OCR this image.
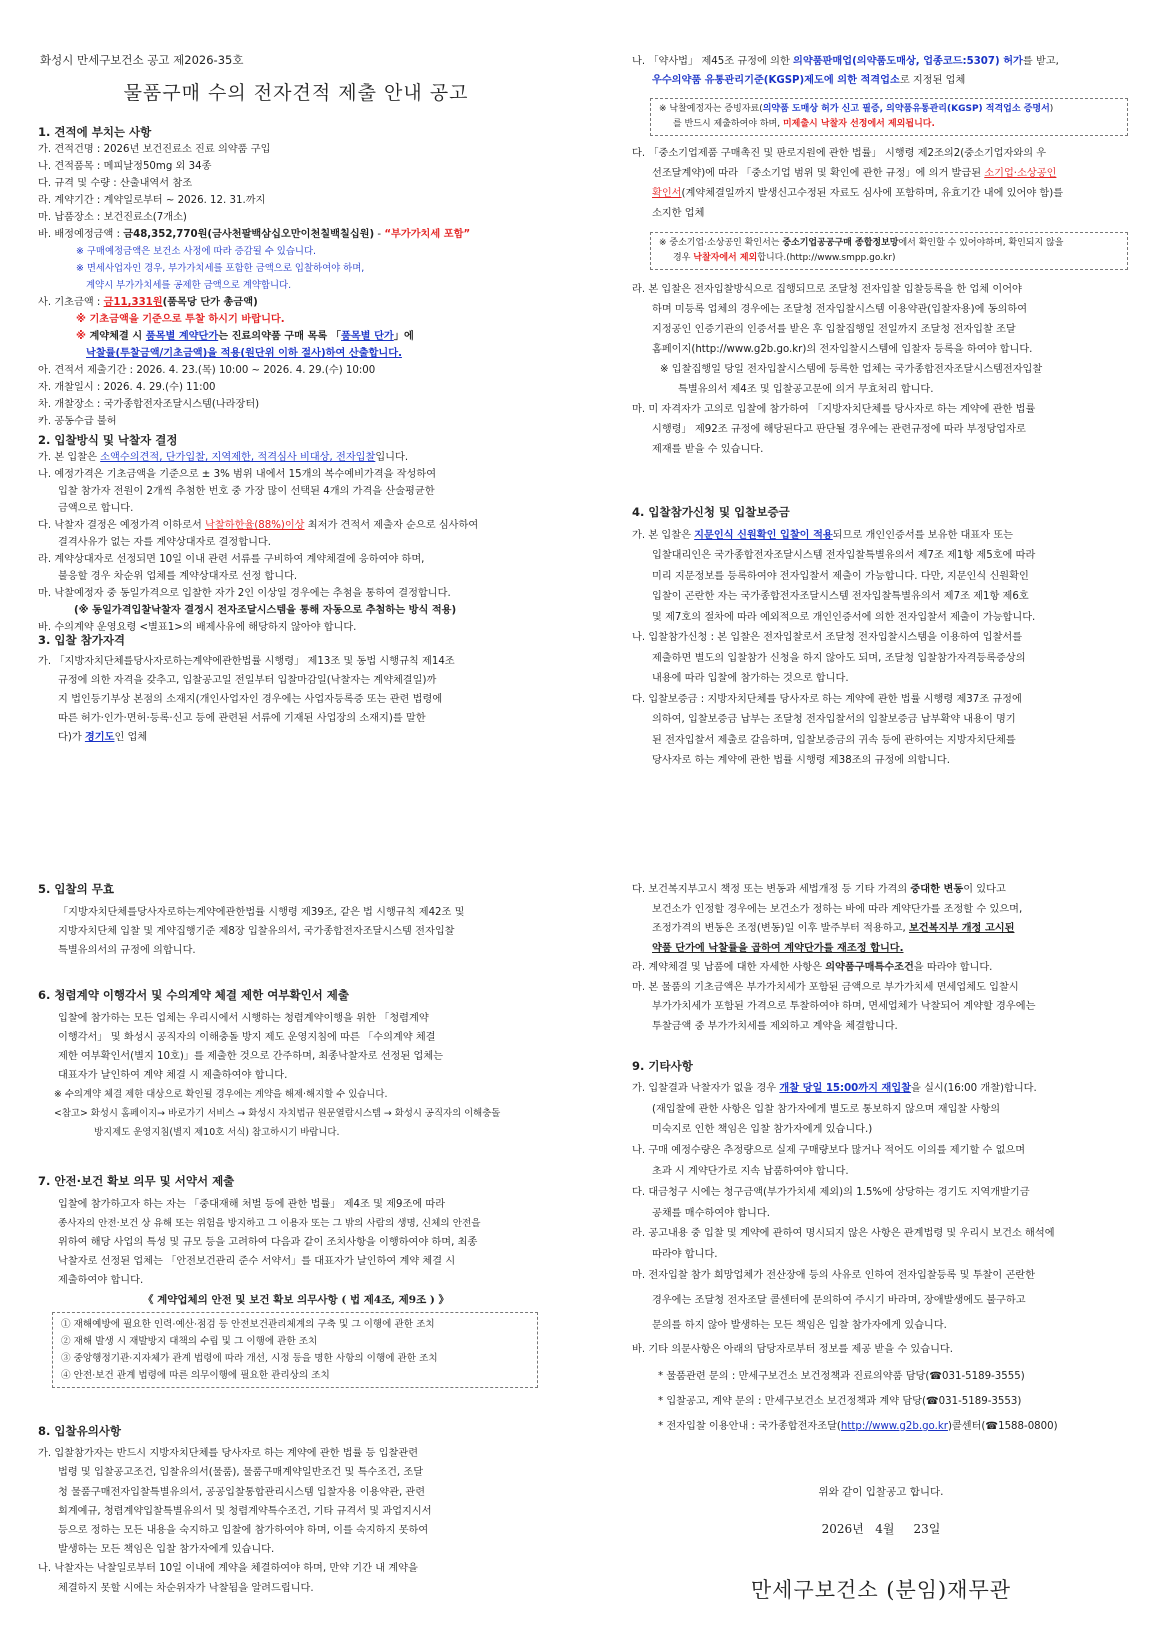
화성시 만세구보건소 공고 제2026-35호
물품구매 수의 전자견적 제출 안내 공고
1. 견적에 부치는 사항
가. 견적건명 : 2026년 보건진료소 진료 의약품 구입
나. 견적품목 : 메피날정50mg 외 34종
다. 규격 및 수량 : 산출내역서 참조
라. 계약기간 : 계약일로부터 ~ 2026. 12. 31.까지
마. 납품장소 : 보건진료소(7개소)
바. 배정예정금액 : 금48,352,770원(금사천팔백삼십오만이천칠백칠십원) - “부가가치세 포함”
※ 구매예정금액은 보건소 사정에 따라 증감될 수 있습니다.
※ 면세사업자인 경우, 부가가치세를 포함한 금액으로 입찰하여야 하며,
계약시 부가가치세를 공제한 금액으로 계약합니다.
사. 기초금액 : 금11,331원(품목당 단가 총금액)
※ 기초금액을 기준으로 투찰 하시기 바랍니다.
※ 계약체결 시 품목별 계약단가는 진료의약품 구매 목록 「품목별 단가」에
낙찰률(투찰금액/기초금액)을 적용(원단위 이하 절사)하여 산출합니다.
아. 견적서 제출기간 : 2026. 4. 23.(목) 10:00 ~ 2026. 4. 29.(수) 10:00
자. 개찰일시 : 2026. 4. 29.(수) 11:00
차. 개찰장소 : 국가종합전자조달시스템(나라장터)
카. 공동수급 불허
2. 입찰방식 및 낙찰자 결정
가. 본 입찰은 소액수의견적, 단가입찰, 지역제한, 적격심사 비대상, 전자입찰입니다.
나. 예정가격은 기초금액을 기준으로 ± 3% 범위 내에서 15개의 복수예비가격을 작성하여
입찰 참가자 전원이 2개씩 추첨한 번호 중 가장 많이 선택된 4개의 가격을 산술평균한
금액으로 합니다.
다. 낙찰자 결정은 예정가격 이하로서 낙찰하한율(88%)이상 최저가 견적서 제출자 순으로 심사하여
결격사유가 없는 자를 계약상대자로 결정합니다.
라. 계약상대자로 선정되면 10일 이내 관련 서류를 구비하여 계약체결에 응하여야 하며,
불응할 경우 차순위 업체를 계약상대자로 선정 합니다.
마. 낙찰예정자 중 동일가격으로 입찰한 자가 2인 이상일 경우에는 추첨을 통하여 결정합니다.
(※ 동일가격입찰낙찰자 결정시 전자조달시스템을 통해 자동으로 추첨하는 방식 적용)
바. 수의계약 운영요령 <별표1>의 배제사유에 해당하지 않아야 합니다.
3. 입찰 참가자격
가. 「지방자치단체를당사자로하는계약에관한법률 시행령」 제13조 및 동법 시행규칙 제14조
규정에 의한 자격을 갖추고, 입찰공고일 전일부터 입찰마감일(낙찰자는 계약체결일)까
지 법인등기부상 본점의 소재지(개인사업자인 경우에는 사업자등록증 또는 관련 법령에
따른 허가·인가·면허·등록·신고 등에 관련된 서류에 기재된 사업장의 소재지)를 말한
다)가 경기도인 업체
나. 「약사법」 제45조 규정에 의한 의약품판매업(의약품도매상, 업종코드:5307) 허가를 받고,
우수의약품 유통관리기준(KGSP)제도에 의한 적격업소로 지정된 업체
※ 낙찰예정자는 증빙자료(의약품 도매상 허가 신고 필증, 의약품유통관리(KGSP) 적격업소 증명서)
를 반드시 제출하여야 하며, 미제출시 낙찰자 선정에서 제외됩니다.
다. 「중소기업제품 구매촉진 및 판로지원에 관한 법률」 시행령 제2조의2(중소기업자와의 우
선조달계약)에 따라 「중소기업 범위 및 확인에 관한 규정」에 의거 발급된 소기업·소상공인
확인서(계약체결일까지 발생신고수정된 자료도 심사에 포함하며, 유효기간 내에 있어야 함)를
소지한 업체
※ 중소기업·소상공인 확인서는 중소기업공공구매 종합정보망에서 확인할 수 있어야하며, 확인되지 않을
경우 낙찰자에서 제외합니다.(http://www.smpp.go.kr)
라. 본 입찰은 전자입찰방식으로 집행되므로 조달청 전자입찰 입찰등록을 한 업체 이어야
하며 미등록 업체의 경우에는 조달청 전자입찰시스템 이용약관(입찰자용)에 동의하여
지정공인 인증기관의 인증서를 받은 후 입찰집행일 전일까지 조달청 전자입찰 조달
홈페이지(http://www.g2b.go.kr)의 전자입찰시스템에 입찰자 등록을 하여야 합니다.
※ 입찰집행일 당일 전자입찰시스템에 등록한 업체는 국가종합전자조달시스템전자입찰
특별유의서 제4조 및 입찰공고문에 의거 무효처리 합니다.
마. 미 자격자가 고의로 입찰에 참가하여 「지방자치단체를 당사자로 하는 계약에 관한 법률
시행령」 제92조 규정에 해당된다고 판단될 경우에는 관련규정에 따라 부정당업자로
제재를 받을 수 있습니다.
4. 입찰참가신청 및 입찰보증금
가. 본 입찰은 지문인식 신원확인 입찰이 적용되므로 개인인증서를 보유한 대표자 또는
입찰대리인은 국가종합전자조달시스템 전자입찰특별유의서 제7조 제1항 제5호에 따라
미리 지문정보를 등록하여야 전자입찰서 제출이 가능합니다. 다만, 지문인식 신원확인
입찰이 곤란한 자는 국가종합전자조달시스템 전자입찰특별유의서 제7조 제1항 제6호
및 제7호의 절차에 따라 예외적으로 개인인증서에 의한 전자입찰서 제출이 가능합니다.
나. 입찰참가신청 : 본 입찰은 전자입찰로서 조달청 전자입찰시스템을 이용하여 입찰서를
제출하면 별도의 입찰참가 신청을 하지 않아도 되며, 조달청 입찰참가자격등록증상의
내용에 따라 입찰에 참가하는 것으로 합니다.
다. 입찰보증금 : 지방자치단체를 당사자로 하는 계약에 관한 법률 시행령 제37조 규정에
의하여, 입찰보증금 납부는 조달청 전자입찰서의 입찰보증금 납부확약 내용이 명기
된 전자입찰서 제출로 갈음하며, 입찰보증금의 귀속 등에 관하여는 지방자치단체를
당사자로 하는 계약에 관한 법률 시행령 제38조의 규정에 의합니다.
5. 입찰의 무효
「지방자치단체를당사자로하는계약에관한법률 시행령 제39조, 같은 법 시행규칙 제42조 및
지방자치단체 입찰 및 계약집행기준 제8장 입찰유의서, 국가종합전자조달시스템 전자입찰
특별유의서의 규정에 의합니다.
6. 청렴계약 이행각서 및 수의계약 체결 제한 여부확인서 제출
입찰에 참가하는 모든 업체는 우리시에서 시행하는 청렴계약이행을 위한 「청렴계약
이행각서」 및 화성시 공직자의 이해충돌 방지 제도 운영지침에 따른 「수의계약 체결
제한 여부확인서(별지 10호)」를 제출한 것으로 간주하며, 최종낙찰자로 선정된 업체는
대표자가 날인하여 계약 체결 시 제출하여야 합니다.
※ 수의계약 체결 제한 대상으로 확인될 경우에는 계약을 해제·해지할 수 있습니다.
<참고> 화성시 홈페이지→ 바로가기 서비스 → 화성시 자치법규 원문열람시스템 → 화성시 공직자의 이해충돌
방지제도 운영지침(별지 제10호 서식) 참고하시기 바랍니다.
7. 안전·보건 확보 의무 및 서약서 제출
입찰에 참가하고자 하는 자는 「중대재해 처벌 등에 관한 법률」 제4조 및 제9조에 따라
종사자의 안전·보건 상 유해 또는 위험을 방지하고 그 이용자 또는 그 밖의 사람의 생명, 신체의 안전을
위하여 해당 사업의 특성 및 규모 등을 고려하여 다음과 같이 조치사항을 이행하여야 하며, 최종
낙찰자로 선정된 업체는 「안전보건관리 준수 서약서」를 대표자가 날인하여 계약 체결 시
제출하여야 합니다.
《 계약업체의 안전 및 보건 확보 의무사항 ( 법 제4조, 제9조 ) 》
① 재해예방에 필요한 인력·예산·점검 등 안전보건관리체계의 구축 및 그 이행에 관한 조치
② 재해 발생 시 재발방지 대책의 수립 및 그 이행에 관한 조치
③ 중앙행정기관·지자체가 관계 법령에 따라 개선, 시정 등을 명한 사항의 이행에 관한 조치
④ 안전·보건 관계 법령에 따른 의무이행에 필요한 관리상의 조치
8. 입찰유의사항
가. 입찰참가자는 반드시 지방자치단체를 당사자로 하는 계약에 관한 법률 등 입찰관련
법령 및 입찰공고조건, 입찰유의서(물품), 물품구매계약일반조건 및 특수조건, 조달
청 물품구매전자입찰특별유의서, 공공입찰통합관리시스템 입찰자용 이용약관, 관련
회계예규, 청렴계약입찰특별유의서 및 청렴계약특수조건, 기타 규격서 및 과업지시서
등으로 정하는 모든 내용을 숙지하고 입찰에 참가하여야 하며, 이를 숙지하지 못하여
발생하는 모든 책임은 입찰 참가자에게 있습니다.
나. 낙찰자는 낙찰일로부터 10일 이내에 계약을 체결하여야 하며, 만약 기간 내 계약을
체결하지 못할 시에는 차순위자가 낙찰됨을 알려드립니다.
다. 보건복지부고시 책정 또는 변동과 세법개정 등 기타 가격의 중대한 변동이 있다고
보건소가 인정할 경우에는 보건소가 정하는 바에 따라 계약단가를 조정할 수 있으며,
조정가격의 변동은 조정(변동)일 이후 발주부터 적용하고, 보건복지부 개정 고시된
약품 단가에 낙찰률을 곱하여 계약단가를 재조정 합니다.
라. 계약체결 및 납품에 대한 자세한 사항은 의약품구매특수조건을 따라야 합니다.
마. 본 물품의 기초금액은 부가가치세가 포함된 금액으로 부가가치세 면세업체도 입찰시
부가가치세가 포함된 가격으로 투찰하여야 하며, 면세업체가 낙찰되어 계약할 경우에는
투찰금액 중 부가가치세를 제외하고 계약을 체결합니다.
9. 기타사항
가. 입찰결과 낙찰자가 없을 경우 개찰 당일 15:00까지 재입찰을 실시(16:00 개찰)합니다.
(재입찰에 관한 사항은 입찰 참가자에게 별도로 통보하지 않으며 재입찰 사항의
미숙지로 인한 책임은 입찰 참가자에게 있습니다.)
나. 구매 예정수량은 추정량으로 실제 구매량보다 많거나 적어도 이의를 제기할 수 없으며
초과 시 계약단가로 지속 납품하여야 합니다.
다. 대금청구 시에는 청구금액(부가가치세 제외)의 1.5%에 상당하는 경기도 지역개발기금
공채를 매수하여야 합니다.
라. 공고내용 중 입찰 및 계약에 관하여 명시되지 않은 사항은 관계법령 및 우리시 보건소 해석에
따라야 합니다.
마. 전자입찰 참가 희망업체가 전산장애 등의 사유로 인하여 전자입찰등록 및 투찰이 곤란한
경우에는 조달청 전자조달 콜센터에 문의하여 주시기 바라며, 장애발생에도 불구하고
문의를 하지 않아 발생하는 모든 책임은 입찰 참가자에게 있습니다.
바. 기타 의문사항은 아래의 담당자로부터 정보를 제공 받을 수 있습니다.
* 물품관련 문의 : 만세구보건소 보건정책과 진료의약품 담당(☎031-5189-3555)
* 입찰공고, 계약 문의 : 만세구보건소 보건정책과 계약 담당(☎031-5189-3553)
* 전자입찰 이용안내 : 국가종합전자조달(http://www.g2b.go.kr)콜센터(☎1588-0800)
위와 같이 입찰공고 합니다.
2026년   4월     23일
만세구보건소 (분임)재무관
